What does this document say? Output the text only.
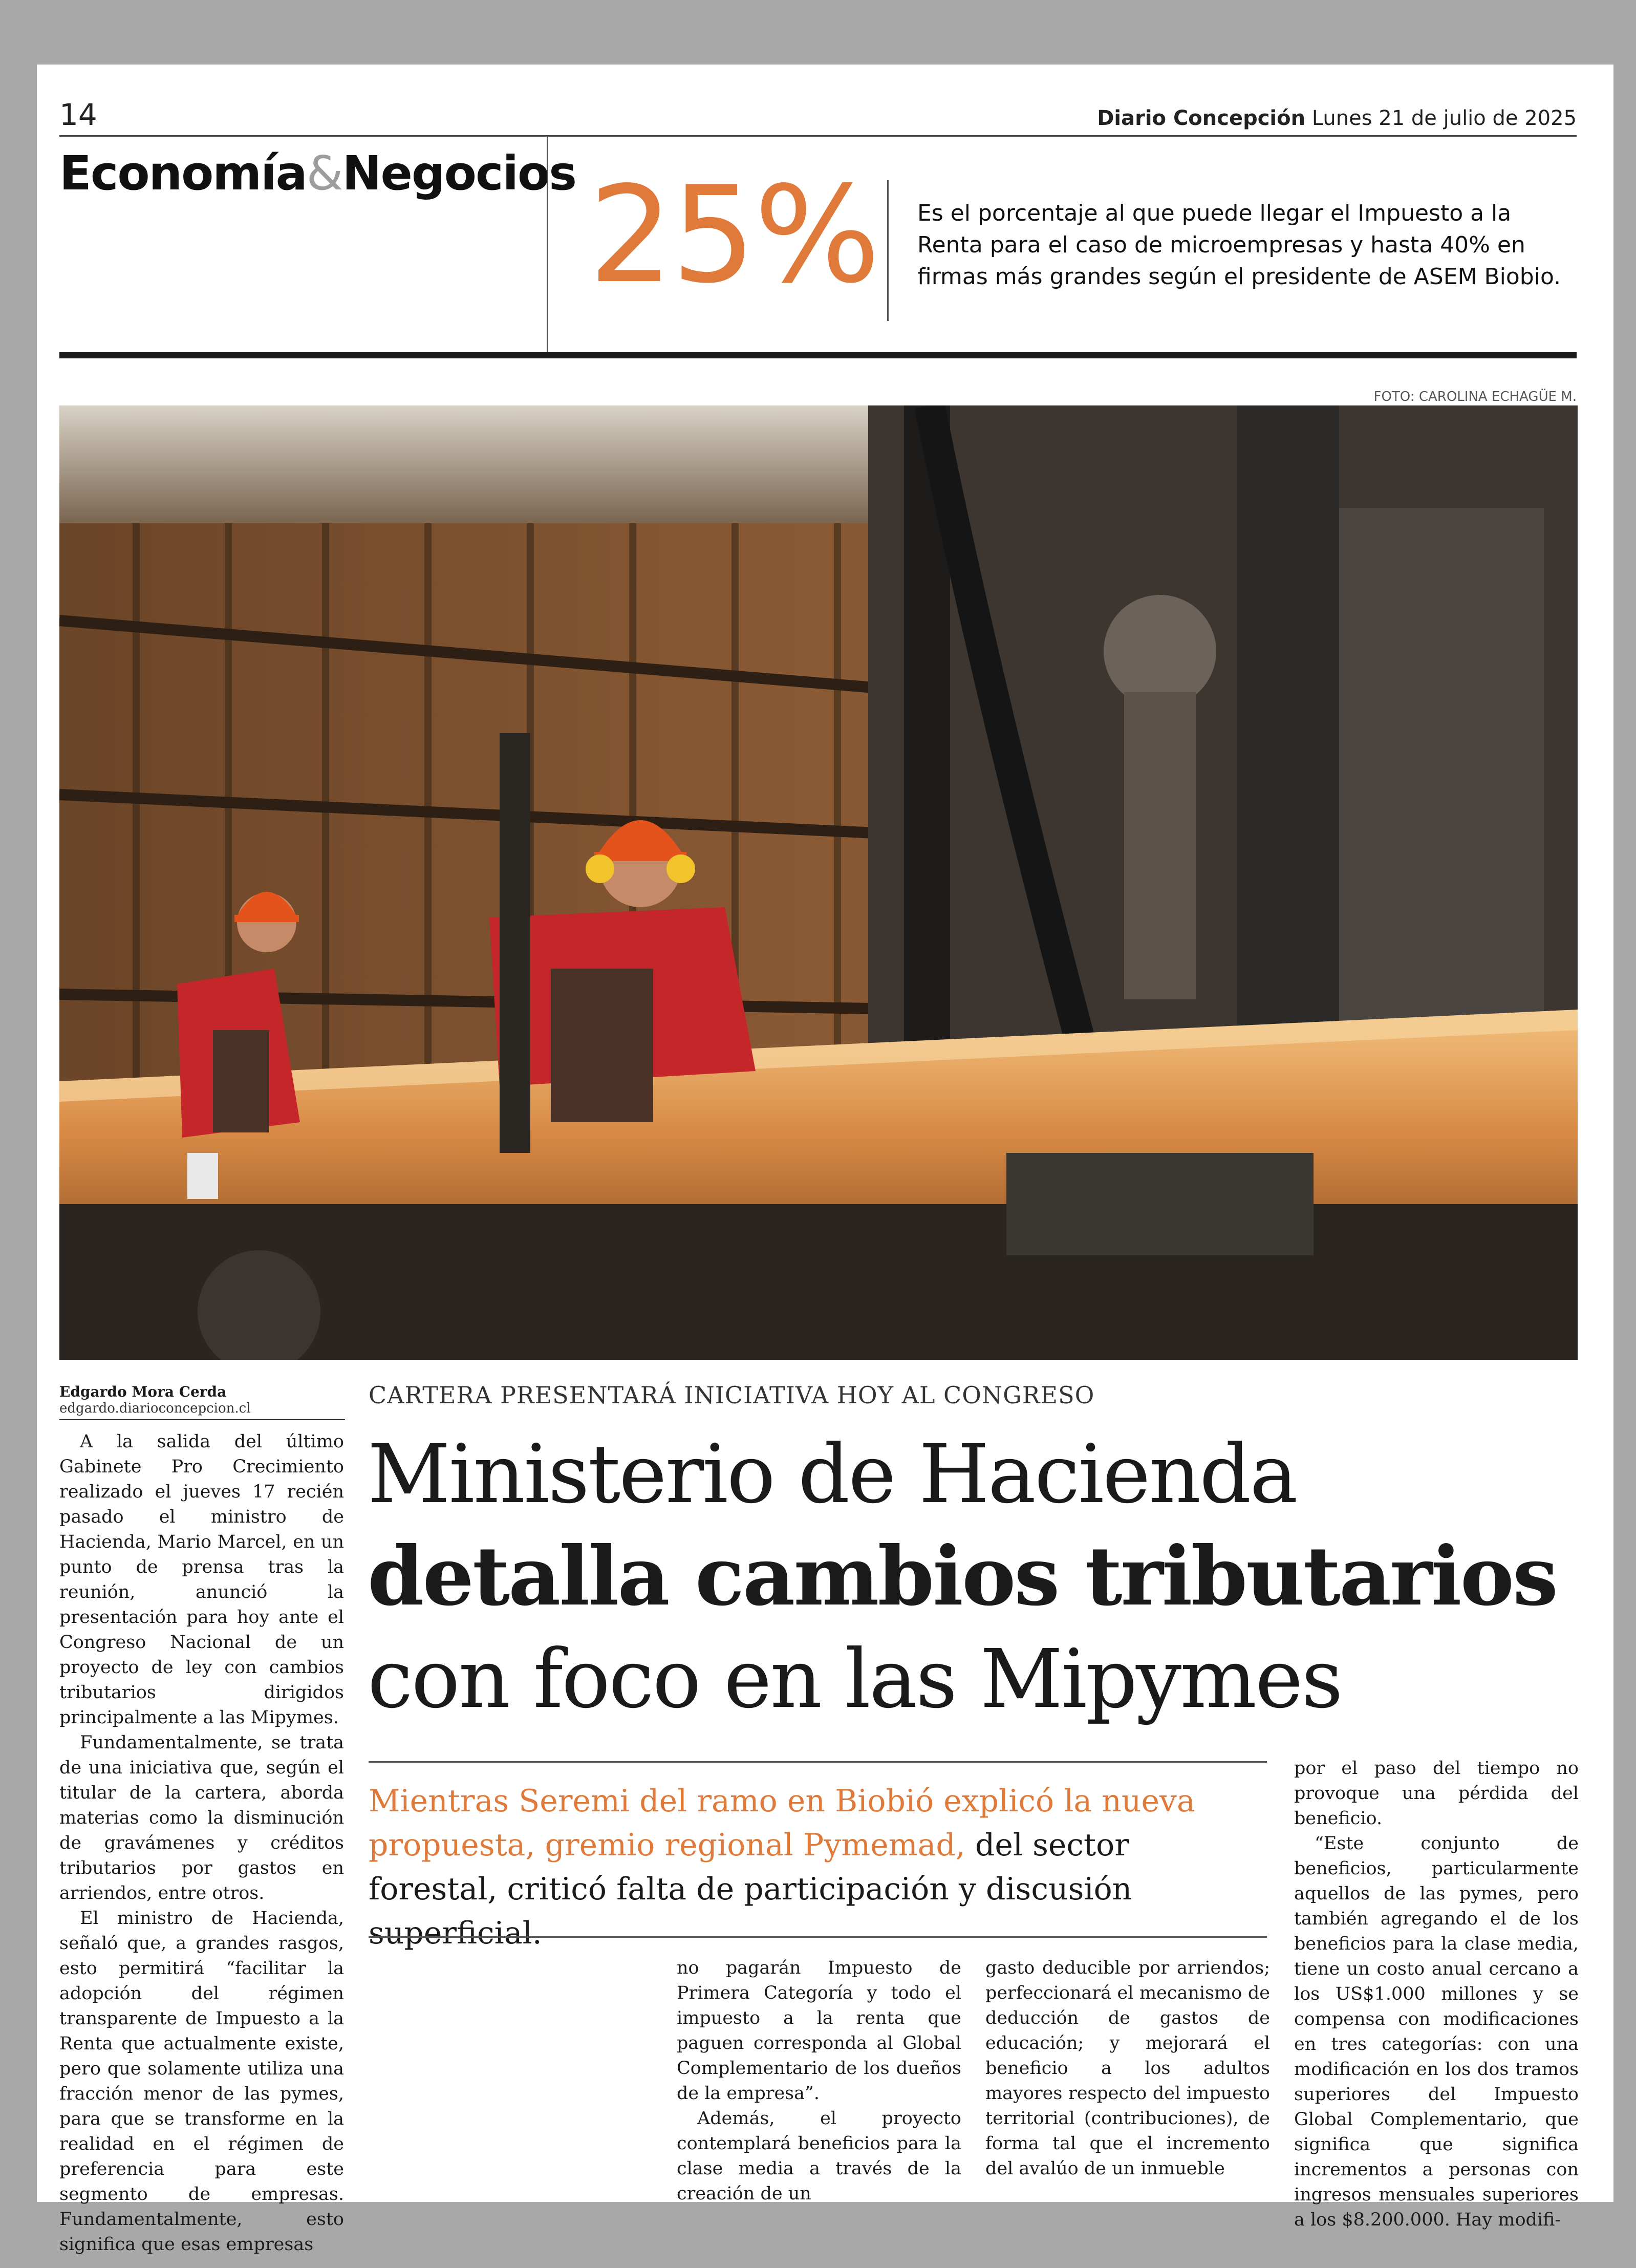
14	Diario Concepción Lunes 21 de julio de 2025
Economía&Negocios 25% Es el porcentaje al que puede llegar el Impuesto a la Renta para el caso de microempresas y hasta 40% en firmas más grandes según el presidente de ASEM Biobio.
FOTO: CAROLINA ECHAGÜE M.
Edgardo Mora Cerda
edgardo.diarioconcepcion.cl	CARTERA PRESENTARÁ INICIATIVA HOY AL CONGRESO
Ministerio de Hacienda detalla cambios tributarios con foco en las Mipymes
Mientras Seremi del ramo en Biobió explicó la nueva propuesta, gremio regional Pymemad, del sector forestal, criticó falta de participación y discusión superficial.

A la salida del último Gabinete Pro Crecimiento realizado el jueves 17 recién pasado el ministro de Hacienda, Mario Marcel, en un punto de prensa tras la reunión, anunció la presentación para hoy ante el Congreso Nacional de un proyecto de ley con cambios tributarios dirigidos principalmente a las Mipymes.

Fundamentalmente, se trata de una iniciativa que, según el titular de la cartera, aborda materias como la disminución de gravámenes y créditos tributarios por gastos en arriendos, entre otros.

El ministro de Hacienda, señaló que, a grandes rasgos, esto permitirá “facilitar la adopción del régimen transparente de Impuesto a la Renta que actualmente existe, pero que solamente utiliza una fracción menor de las pymes, para que se transforme en la realidad en el régimen de preferencia para este segmento de empresas. Fundamentalmente, esto significa que esas empresas

no pagarán Impuesto de Primera Categoría y todo el impuesto a la renta que paguen corresponda al Global Complementario de los dueños de la empresa”.

Además, el proyecto contemplará beneficios para la clase media a través de la creación de un

gasto deducible por arriendos; perfeccionará el mecanismo de deducción de gastos de educación; y mejorará el beneficio a los adultos mayores respecto del impuesto territorial (contribuciones), de forma tal que el incremento del avalúo de un inmueble

por el paso del tiempo no provoque una pérdida del beneficio.

“Este conjunto de beneficios, particularmente aquellos de las pymes, pero también agregando el de los beneficios para la clase media, tiene un costo anual cercano a los US$1.000 millones y se compensa con modificaciones en tres categorías: con una modificación en los dos tramos superiores del Impuesto Global Complementario, que significa que significa incrementos a personas con ingresos mensuales superiores a los $8.200.000. Hay modifi-
